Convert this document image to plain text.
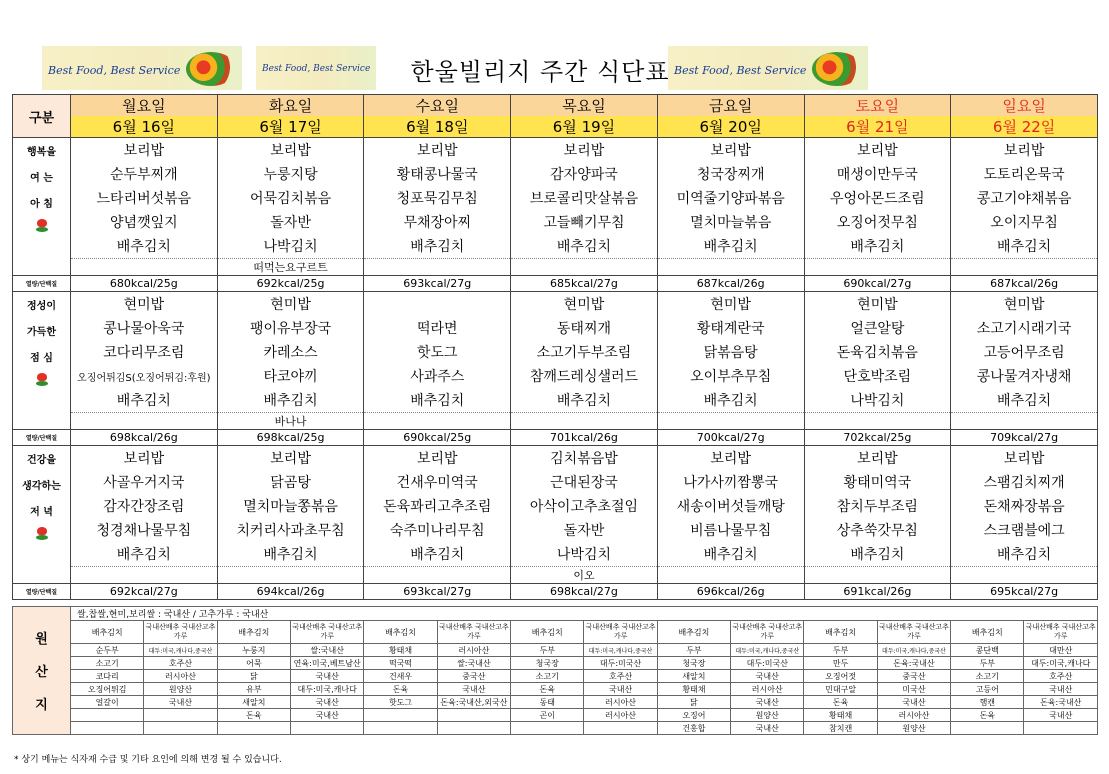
Best Food, Best Service	Best Food, Best Service	Best Food, Best Service
한울빌리지 주간 식단표
구분	월요일	화요일	수요일	목요일	금요일	토요일	일요일
	6월 16일	6월 17일	6월 18일	6월 19일	6월 20일	6월 21일	6월 22일

행복을
여 는
아 침	보리밥	보리밥	보리밥	보리밥	보리밥	보리밥	보리밥
	순두부찌개	누룽지탕	황태콩나물국	감자양파국	청국장찌개	매생이만두국	도토리온묵국
	느타리버섯볶음	어묵김치볶음	청포묵김무침	브로콜리맛살볶음	미역줄기양파볶음	우엉아몬드조림	콩고기야채볶음
	양념깻잎지	돌자반	무채장아찌	고들빼기무침	멸치마늘볶음	오징어젓무침	오이지무침
	배추김치	나박김치	배추김치	배추김치	배추김치	배추김치	배추김치
		떠먹는요구르트					
열량/단백질	680kcal/25g	692kcal/25g	693kcal/27g	685kcal/27g	687kcal/26g	690kcal/27g	687kcal/26g

정성이
가득한
점 심	현미밥	현미밥		현미밥	현미밥	현미밥	현미밥
	콩나물아욱국	팽이유부장국	떡라면	동태찌개	황태계란국	얼큰알탕	소고기시래기국
	코다리무조림	카레소스	핫도그	소고기두부조림	닭볶음탕	돈육김치볶음	고등어무조림
	오징어튀김S(오징어튀김:후원)	타코야끼	사과주스	참깨드레싱샐러드	오이부추무침	단호박조림	콩나물겨자냉채
	배추김치	배추김치	배추김치	배추김치	배추김치	나박김치	배추김치
		바나나					
열량/단백질	698kcal/26g	698kcal/25g	690kcal/25g	701kcal/26g	700kcal/27g	702kcal/25g	709kcal/27g

건강을
생각하는
저 녁	보리밥	보리밥	보리밥	김치볶음밥	보리밥	보리밥	보리밥
	사골우거지국	닭곰탕	건새우미역국	근대된장국	나가사끼짬뽕국	황태미역국	스팸김치찌개
	감자간장조림	멸치마늘쫑볶음	돈육꽈리고추조림	아삭이고추초절임	새송이버섯들깨탕	참치두부조림	돈채짜장볶음
	청경채나물무침	치커리사과초무침	숙주미나리무침	돌자반	비름나물무침	상추쑥갓무침	스크램블에그
	배추김치	배추김치	배추김치	나박김치	배추김치	배추김치	배추김치
				이오			
열량/단백질	692kcal/27g	694kcal/26g	693kcal/27g	698kcal/27g	696kcal/26g	691kcal/26g	695kcal/27g
원
산
지	쌀,찹쌀,현미,보리쌀 : 국내산 / 고추가루 : 국내산													
	배추김치	국내산배추 국내산고추가루	배추김치	국내산배추 국내산고추가루	배추김치	국내산배추 국내산고추가루	배추김치	국내산배추 국내산고추가루	배추김치	국내산배추 국내산고추가루	배추김치	국내산배추 국내산고추가루	배추김치	국내산배추 국내산고추가루
	순두부	대두:미국,캐나다,중국산	누룽지	쌀:국내산	황태채	러시아산	두부	대두:미국,캐나다,중국산	두부	대두:미국,캐나다,중국산	두부	대두:미국,캐나다,중국산	콩단백	대만산
	소고기	호주산	어묵	연육:미국,베트남산	떡국떡	쌀:국내산	청국장	대두:미국산	청국장	대두:미국산	만두	돈육:국내산	두부	대두:미국,캐나다
	코다리	러시아산	닭	국내산	건새우	중국산	소고기	호주산	새알치	국내산	오징어젓	중국산	소고기	호주산
	오징어튀김	원양산	유부	대두:미국,캐나다	돈육	국내산	돈육	국내산	황태채	러시아산	민대구알	미국산	고등어	국내산
	얼갈이	국내산	새알치	국내산	핫도그	돈육:국내산,외국산	동태	러시아산	닭	국내산	돈육	국내산	햄캔	돈육:국내산
			돈육	국내산			곤이	러시아산	오징어	원양산	황태채	러시아산	돈육	국내산
									건홍합	국내산	참치캔	원양산		
* 상기 메뉴는 식자재 수급 및 기타 요인에 의해 변경 될 수 있습니다.
